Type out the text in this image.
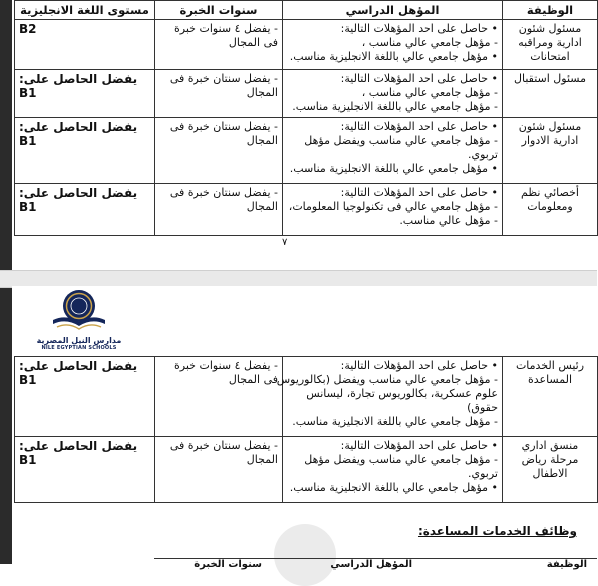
الوظيفة	المؤهل الدراسي	سنوات الخبرة	مستوى اللغة الانجليزية
مسئول شئون ادارية ومراقبه امتحانات	• حاصل على احد المؤهلات التالية:
- مؤهل جامعي عالي مناسب ،
• مؤهل جامعي عالي باللغة الانجليزية مناسب.	- يفضل ٤ سنوات خبرة فى المجال	B2
مسئول استقبال	• حاصل على احد المؤهلات التالية:
- مؤهل جامعي عالي مناسب ،
- مؤهل جامعي عالي باللغة الانجليزية مناسب.	- يفضل سنتان خبرة فى المجال	يفضل الحاصل على: B1
مسئول شئون ادارية الادوار	• حاصل على احد المؤهلات التالية:
- مؤهل جامعي عالي مناسب ويفضل مؤهل
تربوي.
• مؤهل جامعي عالي باللغة الانجليزية مناسب.	- يفضل سنتان خبرة فى المجال	يفضل الحاصل على: B1
أخصائي نظم ومعلومات	• حاصل على احد المؤهلات التالية:
- مؤهل جامعي عالي فى تكنولوجيا المعلومات،
- مؤهل عالي مناسب.	- يفضل سنتان خبرة فى المجال	يفضل الحاصل على: B1
٧
مدارس النيل المصرية
NILE EGYPTIAN SCHOOLS
رئيس الخدمات المساعدة	• حاصل على احد المؤهلات التالية:
- مؤهل جامعي عالي مناسب ويفضل (بكالوريوس
علوم عسكرية، بكالوريوس تجارة، ليسانس
حقوق)
- مؤهل جامعي عالي باللغة الانجليزية مناسب.	- يفضل ٤ سنوات خبرة فى المجال	يفضل الحاصل على: B1
منسق اداري مرحلة رياض الاطفال	• حاصل على احد المؤهلات التالية:
- مؤهل جامعي عالي مناسب ويفضل مؤهل
تربوي.
• مؤهل جامعي عالي باللغة الانجليزية مناسب.	- يفضل سنتان خبرة فى المجال	يفضل الحاصل على: B1
وظائف الخدمات المساعدة:
الوظيفة
المؤهل الدراسي
سنوات الخبرة
